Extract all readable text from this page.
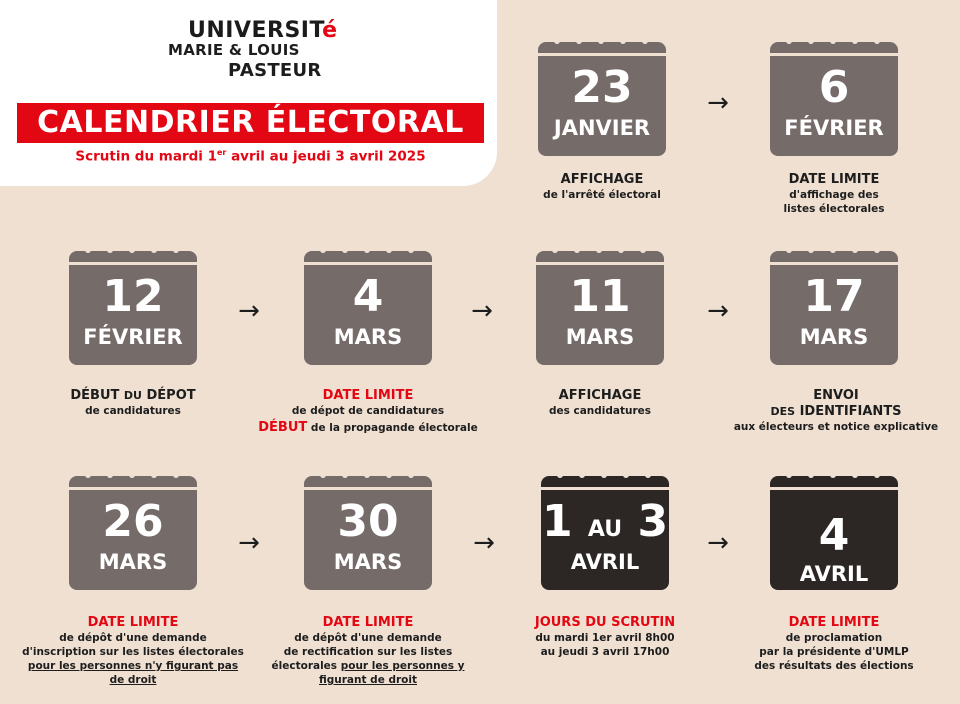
UNIVERSITé
MARIE & LOUIS
PASTEUR
CALENDRIER ÉLECTORAL
Scrutin du mardi 1er avril au jeudi 3 avril 2025
23
JANVIER
→	6
FÉVRIER
12
FÉVRIER
→	4
MARS
→	11
MARS
→	17
MARS
26
MARS
→	30
MARS
→ 1 AU 3
AVRIL
→	4
AVRIL
AFFICHAGE
de l'arrêté électoral
DATE LIMITE
d'affichage des
listes électorales
DÉBUT DU DÉPOT
de candidatures
DATE LIMITE
de dépot de candidatures
DÉBUT de la propagande électorale
AFFICHAGE
des candidatures
ENVOI
DES IDENTIFIANTS
aux électeurs et notice explicative
DATE LIMITE
de dépôt d'une demande
d'inscription sur les listes électorales
pour les personnes n'y figurant pas
de droit
DATE LIMITE
de dépôt d'une demande
de rectification sur les listes
électorales pour les personnes y
figurant de droit
JOURS DU SCRUTIN
du mardi 1er avril 8h00
au jeudi 3 avril 17h00
DATE LIMITE
de proclamation
par la présidente d'UMLP
des résultats des élections
